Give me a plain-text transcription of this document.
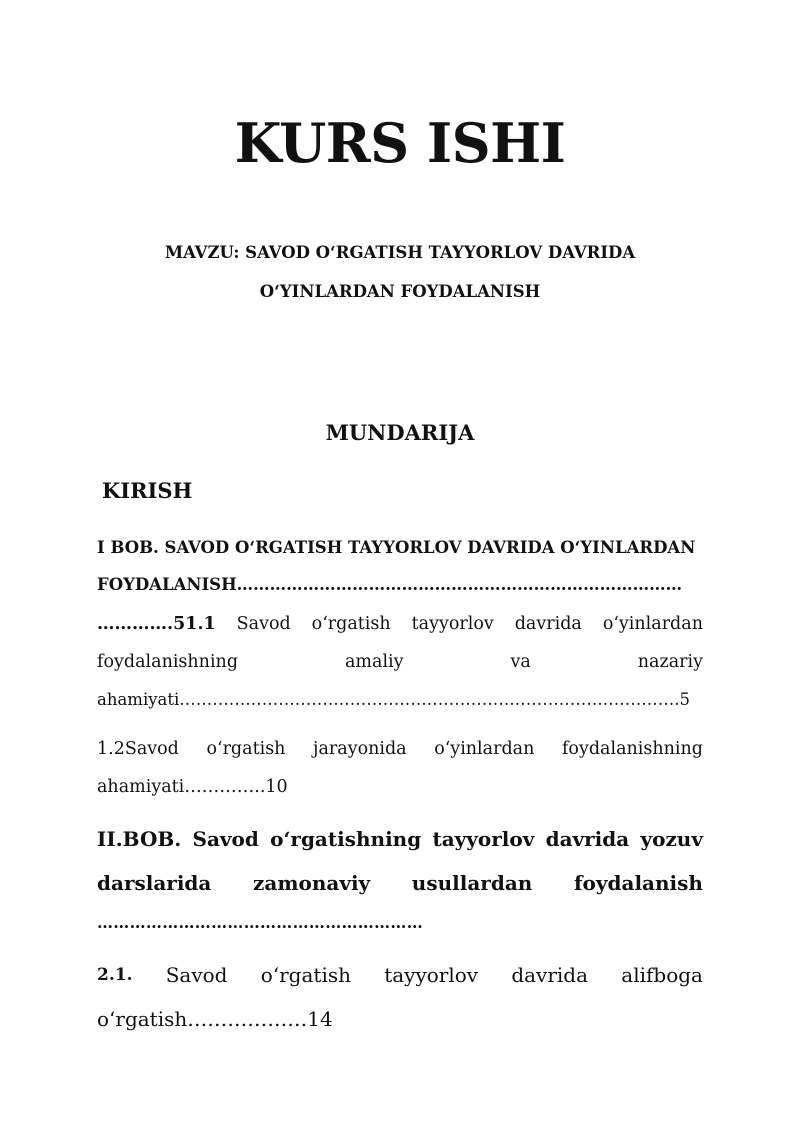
KURS ISHI
MAVZU: SAVOD O‘RGATISH TAYYORLOV DAVRIDA
O‘YINLARDAN FOYDALANISH
MUNDARIJA
KIRISH
I BOB. SAVOD O‘RGATISH TAYYORLOV DAVRIDA O‘YINLARDAN
FOYDALANISH………………………………………………………………………
………….51.1 Savod o‘rgatish tayyorlov davrida o‘yinlardan
foydalanishning	amaliy	va	nazariy
ahamiyati……………………………………………………………………………….5
1.2Savod o‘rgatish jarayonida o‘yinlardan foydalanishning
ahamiyati…………..10
II.BOB. Savod o‘rgatishning tayyorlov davrida yozuv
darslarida zamonaviy usullardan foydalanish
……………………………………………………
2.1. Savod o‘rgatish tayyorlov davrida alifboga
o‘rgatish………………14
